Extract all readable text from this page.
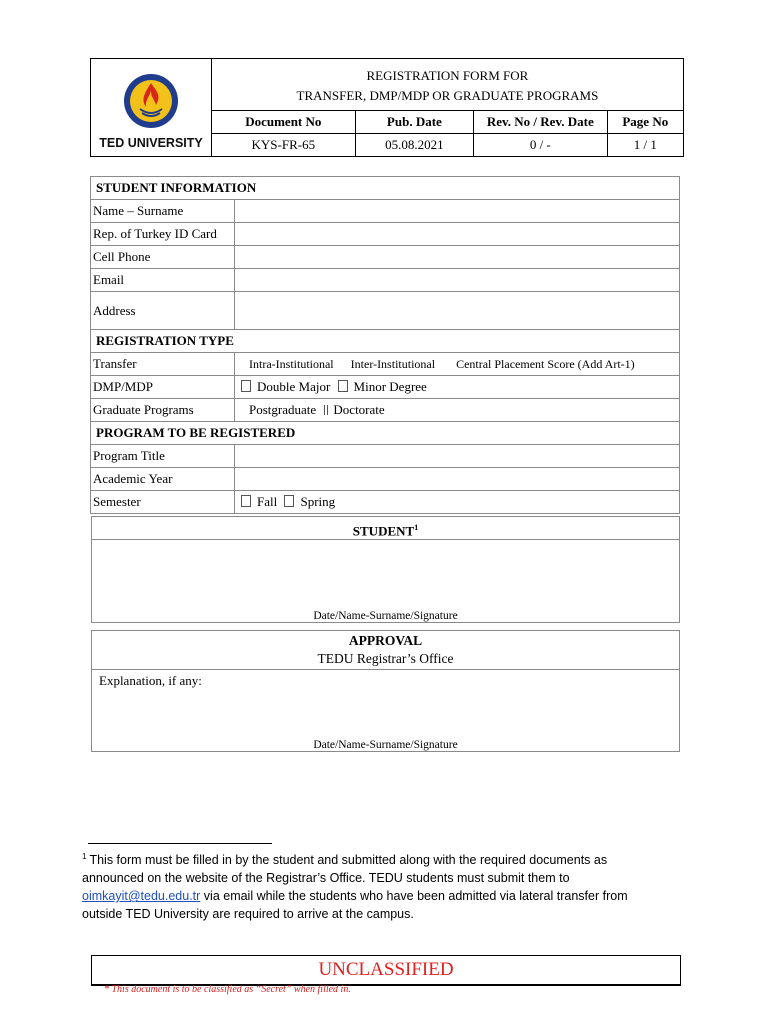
TED UNIVERSITY	REGISTRATION FORM FOR
TRANSFER, DMP/MDP OR GRADUATE PROGRAMS			

	Document No	Pub. Date	Rev. No / Rev. Date	Page No
	KYS-FR-65	05.08.2021	0 / -	1 / 1
STUDENT INFORMATION	
Name – Surname	
Rep. of Turkey ID Card	
Cell Phone	
Email	
Address	
REGISTRATION TYPE	
Transfer	Intra-Institutional Inter-Institutional Central Placement Score (Add Art-1)
DMP/MDP	Double Major Minor Degree
Graduate Programs	Postgraduate Doctorate
PROGRAM TO BE REGISTERED	
Program Title	
Academic Year	
Semester	Fall Spring
STUDENT$^1$
Date/Name-Surname/Signature
APPROVAL
TEDU Registrar’s Office
Explanation, if any:
Date/Name-Surname/Signature
$^1$ This form must be filled in by the student and submitted along with the required documents as
announced on the website of the Registrar’s Office. TEDU students must submit them to
oimkayit@tedu.edu.tr via email while the students who have been admitted via lateral transfer from
outside TED University are required to arrive at the campus.
UNCLASSIFIED
* This document is to be classified as “Secret” when filled in.
